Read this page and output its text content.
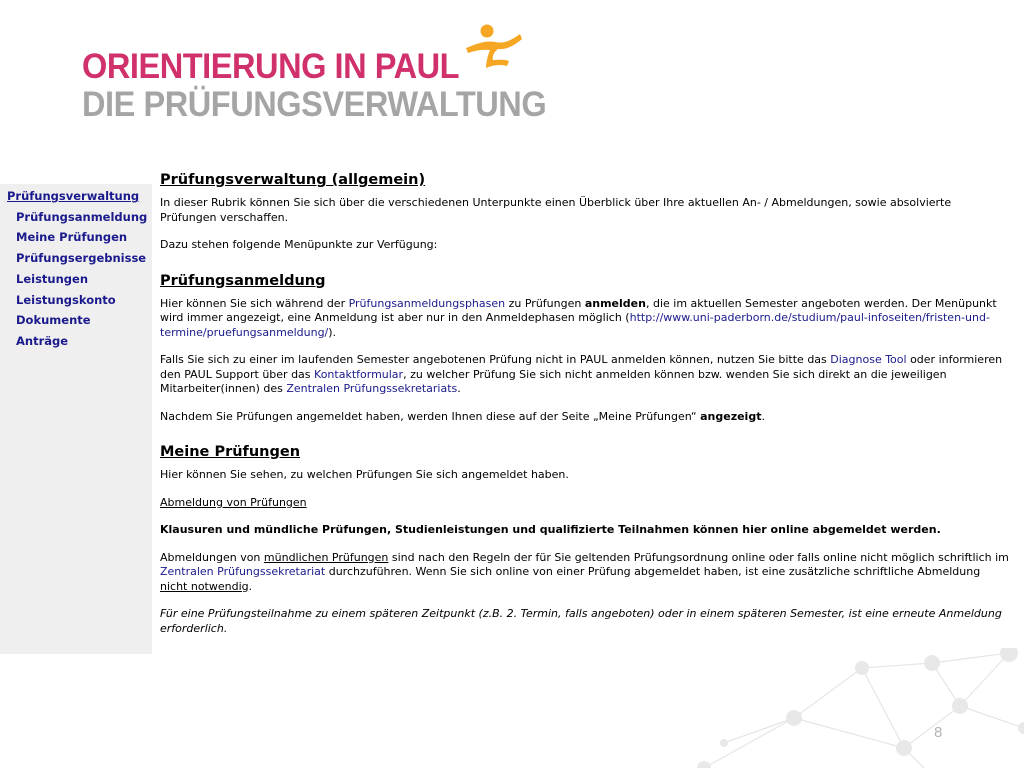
ORIENTIERUNG IN PAUL
DIE PRÜFUNGSVERWALTUNG
Prüfungsverwaltung
Prüfungsanmeldung
Meine Prüfungen
Prüfungsergebnisse
Leistungen
Leistungskonto
Dokumente
Anträge
Prüfungsverwaltung (allgemein)

In dieser Rubrik können Sie sich über die verschiedenen Unterpunkte einen Überblick über Ihre aktuellen An- / Abmeldungen, sowie absolvierte Prüfungen verschaffen.

Dazu stehen folgende Menüpunkte zur Verfügung:

Prüfungsanmeldung

Hier können Sie sich während der Prüfungsanmeldungsphasen zu Prüfungen anmelden, die im aktuellen Semester angeboten werden. Der Menüpunkt wird immer angezeigt, eine Anmeldung ist aber nur in den Anmeldephasen möglich (http://www.uni-paderborn.de/studium/paul-infoseiten/fristen-und-termine/pruefungsanmeldung/).

Falls Sie sich zu einer im laufenden Semester angebotenen Prüfung nicht in PAUL anmelden können, nutzen Sie bitte das Diagnose Tool oder informieren den PAUL Support über das Kontaktformular, zu welcher Prüfung Sie sich nicht anmelden können bzw. wenden Sie sich direkt an die jeweiligen Mitarbeiter(innen) des Zentralen Prüfungssekretariats.

Nachdem Sie Prüfungen angemeldet haben, werden Ihnen diese auf der Seite „Meine Prüfungen“ angezeigt.

Meine Prüfungen

Hier können Sie sehen, zu welchen Prüfungen Sie sich angemeldet haben.

Abmeldung von Prüfungen

Klausuren und mündliche Prüfungen, Studienleistungen und qualifizierte Teilnahmen können hier online abgemeldet werden.

Abmeldungen von mündlichen Prüfungen sind nach den Regeln der für Sie geltenden Prüfungsordnung online oder falls online nicht möglich schriftlich im Zentralen Prüfungssekretariat durchzuführen. Wenn Sie sich online von einer Prüfung abgemeldet haben, ist eine zusätzliche schriftliche Abmeldung nicht notwendig.

Für eine Prüfungsteilnahme zu einem späteren Zeitpunkt (z.B. 2. Termin, falls angeboten) oder in einem späteren Semester, ist eine erneute Anmeldung erforderlich.

8
